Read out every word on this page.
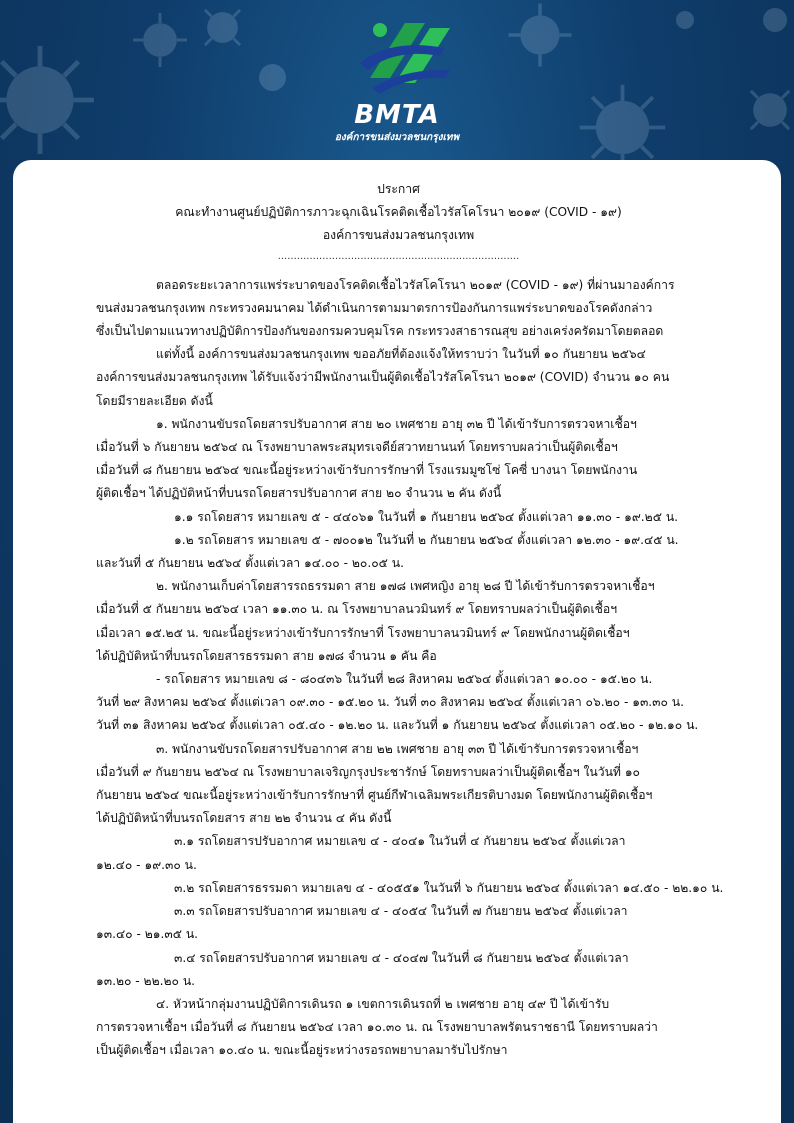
BMTA
องค์การขนส่งมวลชนกรุงเทพ
ประกาศ
คณะทำงานศูนย์ปฏิบัติการภาวะฉุกเฉินโรคติดเชื้อไวรัสโคโรนา ๒๐๑๙ (COVID - ๑๙)
องค์การขนส่งมวลชนกรุงเทพ
............................................................................
ตลอดระยะเวลาการแพร่ระบาดของโรคติดเชื้อไวรัสโคโรนา ๒๐๑๙ (COVID - ๑๙) ที่ผ่านมาองค์การ
ขนส่งมวลชนกรุงเทพ กระทรวงคมนาคม ได้ดำเนินการตามมาตรการป้องกันการแพร่ระบาดของโรคดังกล่าว
ซึ่งเป็นไปตามแนวทางปฏิบัติการป้องกันของกรมควบคุมโรค กระทรวงสาธารณสุข อย่างเคร่งครัดมาโดยตลอด
แต่ทั้งนี้ องค์การขนส่งมวลชนกรุงเทพ ขออภัยที่ต้องแจ้งให้ทราบว่า ในวันที่ ๑๐ กันยายน ๒๕๖๔
องค์การขนส่งมวลชนกรุงเทพ ได้รับแจ้งว่ามีพนักงานเป็นผู้ติดเชื้อไวรัสโคโรนา ๒๐๑๙ (COVID) จำนวน ๑๐ คน
โดยมีรายละเอียด ดังนี้
๑. พนักงานขับรถโดยสารปรับอากาศ สาย ๒๐ เพศชาย อายุ ๓๒ ปี ได้เข้ารับการตรวจหาเชื้อฯ
เมื่อวันที่ ๖ กันยายน ๒๕๖๔ ณ โรงพยาบาลพระสมุทรเจดีย์สวาทยานนท์ โดยทราบผลว่าเป็นผู้ติดเชื้อฯ
เมื่อวันที่ ๘ กันยายน ๒๕๖๔ ขณะนี้อยู่ระหว่างเข้ารับการรักษาที่ โรงแรมมูซโซ่ โคซี่ บางนา โดยพนักงาน
ผู้ติดเชื้อฯ ได้ปฏิบัติหน้าที่บนรถโดยสารปรับอากาศ สาย ๒๐ จำนวน ๒ คัน ดังนี้
๑.๑ รถโดยสาร หมายเลข ๕ - ๔๔๐๖๑ ในวันที่ ๑ กันยายน ๒๕๖๔ ตั้งแต่เวลา ๑๑.๓๐ - ๑๙.๒๕ น.
๑.๒ รถโดยสาร หมายเลข ๕ - ๗๐๐๑๒ ในวันที่ ๒ กันยายน ๒๕๖๔ ตั้งแต่เวลา ๑๒.๓๐ - ๑๙.๔๕ น.
และวันที่ ๕ กันยายน ๒๕๖๔ ตั้งแต่เวลา ๑๔.๐๐ - ๒๐.๐๕ น.
๒. พนักงานเก็บค่าโดยสารรถธรรมดา สาย ๑๗๘ เพศหญิง อายุ ๒๘ ปี ได้เข้ารับการตรวจหาเชื้อฯ
เมื่อวันที่ ๕ กันยายน ๒๕๖๔ เวลา ๑๑.๓๐ น. ณ โรงพยาบาลนวมินทร์ ๙ โดยทราบผลว่าเป็นผู้ติดเชื้อฯ
เมื่อเวลา ๑๕.๒๕ น. ขณะนี้อยู่ระหว่างเข้ารับการรักษาที่ โรงพยาบาลนวมินทร์ ๙ โดยพนักงานผู้ติดเชื้อฯ
ได้ปฏิบัติหน้าที่บนรถโดยสารธรรมดา สาย ๑๗๘ จำนวน ๑ คัน คือ
- รถโดยสาร หมายเลข ๘ - ๘๐๔๓๖ ในวันที่ ๒๘ สิงหาคม ๒๕๖๔ ตั้งแต่เวลา ๑๐.๐๐ - ๑๕.๒๐ น.
วันที่ ๒๙ สิงหาคม ๒๕๖๔ ตั้งแต่เวลา ๐๙.๓๐ - ๑๕.๒๐ น. วันที่ ๓๐ สิงหาคม ๒๕๖๔ ตั้งแต่เวลา ๐๖.๒๐ - ๑๓.๓๐ น.
วันที่ ๓๑ สิงหาคม ๒๕๖๔ ตั้งแต่เวลา ๐๕.๔๐ - ๑๒.๒๐ น. และวันที่ ๑ กันยายน ๒๕๖๔ ตั้งแต่เวลา ๐๕.๒๐ - ๑๒.๑๐ น.
๓. พนักงานขับรถโดยสารปรับอากาศ สาย ๒๒ เพศชาย อายุ ๓๓ ปี ได้เข้ารับการตรวจหาเชื้อฯ
เมื่อวันที่ ๙ กันยายน ๒๕๖๔ ณ โรงพยาบาลเจริญกรุงประชารักษ์ โดยทราบผลว่าเป็นผู้ติดเชื้อฯ ในวันที่ ๑๐
กันยายน ๒๕๖๔ ขณะนี้อยู่ระหว่างเข้ารับการรักษาที่ ศูนย์กีฬาเฉลิมพระเกียรติบางมด โดยพนักงานผู้ติดเชื้อฯ
ได้ปฏิบัติหน้าที่บนรถโดยสาร สาย ๒๒ จำนวน ๔ คัน ดังนี้
๓.๑ รถโดยสารปรับอากาศ หมายเลข ๔ - ๔๐๔๑ ในวันที่ ๔ กันยายน ๒๕๖๔ ตั้งแต่เวลา
๑๒.๔๐ - ๑๙.๓๐ น.
๓.๒ รถโดยสารธรรมดา หมายเลข ๔ - ๔๐๕๕๑ ในวันที่ ๖ กันยายน ๒๕๖๔ ตั้งแต่เวลา ๑๔.๕๐ - ๒๒.๑๐ น.
๓.๓ รถโดยสารปรับอากาศ หมายเลข ๔ - ๔๐๕๔ ในวันที่ ๗ กันยายน ๒๕๖๔ ตั้งแต่เวลา
๑๓.๔๐ - ๒๑.๓๕ น.
๓.๔ รถโดยสารปรับอากาศ หมายเลข ๔ - ๔๐๔๗ ในวันที่ ๘ กันยายน ๒๕๖๔ ตั้งแต่เวลา
๑๓.๒๐ - ๒๒.๒๐ น.
๔. หัวหน้ากลุ่มงานปฏิบัติการเดินรถ ๑ เขตการเดินรถที่ ๒ เพศชาย อายุ ๔๙ ปี ได้เข้ารับ
การตรวจหาเชื้อฯ เมื่อวันที่ ๘ กันยายน ๒๕๖๔ เวลา ๑๐.๓๐ น. ณ โรงพยาบาลพรัตนราชธานี โดยทราบผลว่า
เป็นผู้ติดเชื้อฯ เมื่อเวลา ๑๐.๔๐ น. ขณะนี้อยู่ระหว่างรอรถพยาบาลมารับไปรักษา
